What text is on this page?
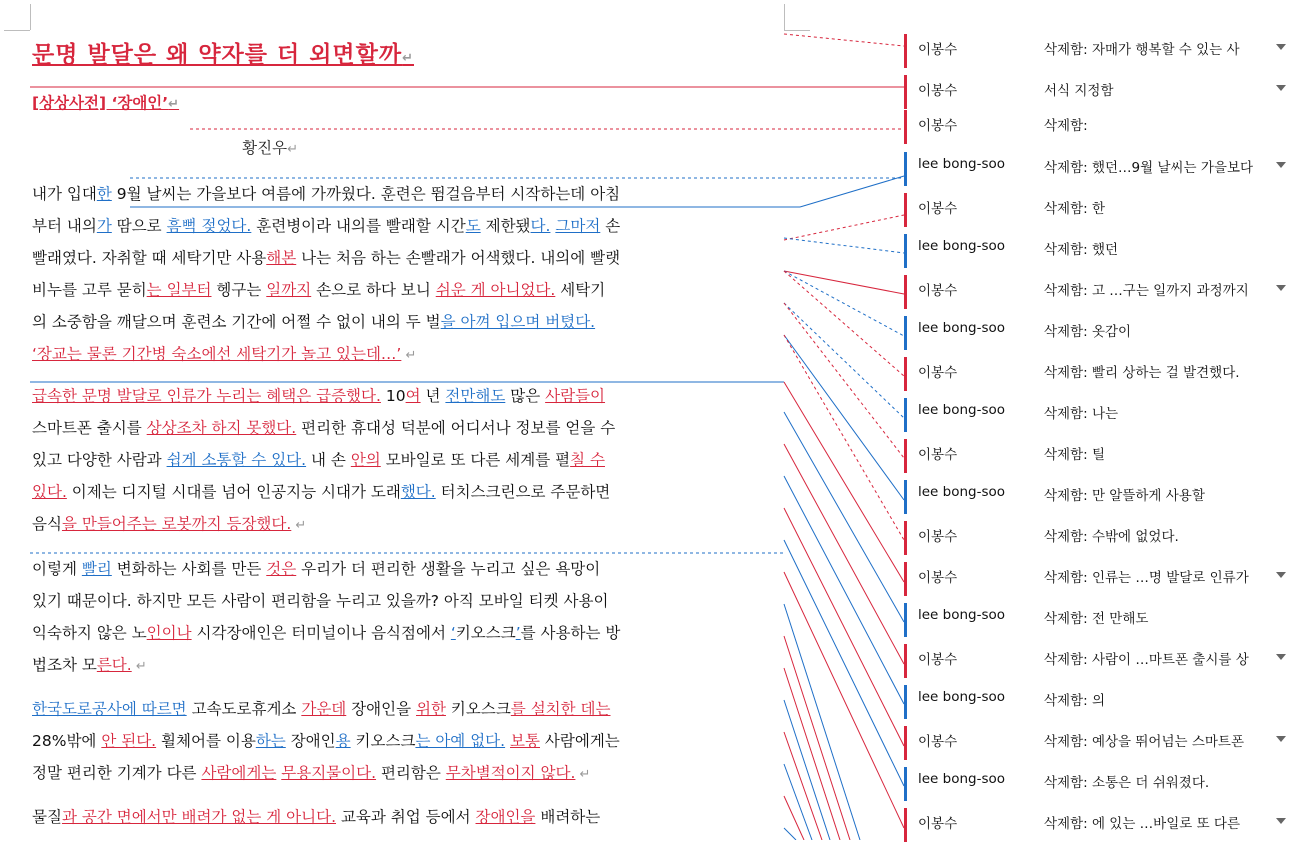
문명 발달은 왜 약자를 더 외면할까↵
[상상사전] ‘장애인’↵
황진우↵
내가 입대한 9월 날씨는 가을보다 여름에 가까웠다. 훈련은 뜀걸음부터 시작하는데 아침
부터 내의가 땀으로 흠뻑 젖었다. 훈련병이라 내의를 빨래할 시간도 제한됐다. 그마저 손
빨래였다. 자취할 때 세탁기만 사용해본 나는 처음 하는 손빨래가 어색했다. 내의에 빨랫
비누를 고루 묻히는 일부터 헹구는 일까지 손으로 하다 보니 쉬운 게 아니었다. 세탁기
의 소중함을 깨달으며 훈련소 기간에 어쩔 수 없이 내의 두 벌을 아껴 입으며 버텼다.
‘장교는 물론 기간병 숙소에선 세탁기가 놀고 있는데…’ ↵
급속한 문명 발달로 인류가 누리는 혜택은 급증했다. 10여 년 전만해도 많은 사람들이
스마트폰 출시를 상상조차 하지 못했다. 편리한 휴대성 덕분에 어디서나 정보를 얻을 수
있고 다양한 사람과 쉽게 소통할 수 있다. 내 손 안의 모바일로 또 다른 세계를 펼칠 수
있다. 이제는 디지털 시대를 넘어 인공지능 시대가 도래했다. 터치스크린으로 주문하면
음식을 만들어주는 로봇까지 등장했다. ↵
이렇게 빨리 변화하는 사회를 만든 것은 우리가 더 편리한 생활을 누리고 싶은 욕망이
있기 때문이다. 하지만 모든 사람이 편리함을 누리고 있을까? 아직 모바일 티켓 사용이
익숙하지 않은 노인이나 시각장애인은 터미널이나 음식점에서 ‘키오스크’를 사용하는 방
법조차 모른다. ↵
한국도로공사에 따르면 고속도로휴게소 가운데 장애인을 위한 키오스크를 설치한 데는
28%밖에 안 된다. 휠체어를 이용하는 장애인용 키오스크는 아예 없다. 보통 사람에게는
정말 편리한 기계가 다른 사람에게는 무용지물이다. 편리함은 무차별적이지 않다. ↵
물질과 공간 면에서만 배려가 없는 게 아니다. 교육과 취업 등에서 장애인을 배려하는
이봉수	삭제함: 자매가 행복할 수 있는 사
이봉수	서식 지정함
이봉수	삭제함:
lee bong-soo	삭제함: 했던…9월 날씨는 가을보다
이봉수	삭제함: 한
lee bong-soo	삭제함: 했던
이봉수	삭제함: 고 …구는 일까지 과정까지
lee bong-soo	삭제함: 옷감이
이봉수	삭제함: 빨리 상하는 걸 발견했다.
lee bong-soo	삭제함: 나는
이봉수	삭제함: 틸
lee bong-soo	삭제함: 만 알뜰하게 사용할
이봉수	삭제함: 수밖에 없었다.
이봉수	삭제함: 인류는 …명 발달로 인류가
lee bong-soo	삭제함: 전 만해도
이봉수	삭제함: 사람이 …마트폰 출시를 상
lee bong-soo	삭제함: 의
이봉수	삭제함: 예상을 뛰어넘는 스마트폰
lee bong-soo	삭제함: 소통은 더 쉬워졌다.
이봉수	삭제함: 에 있는 …바일로 또 다른
